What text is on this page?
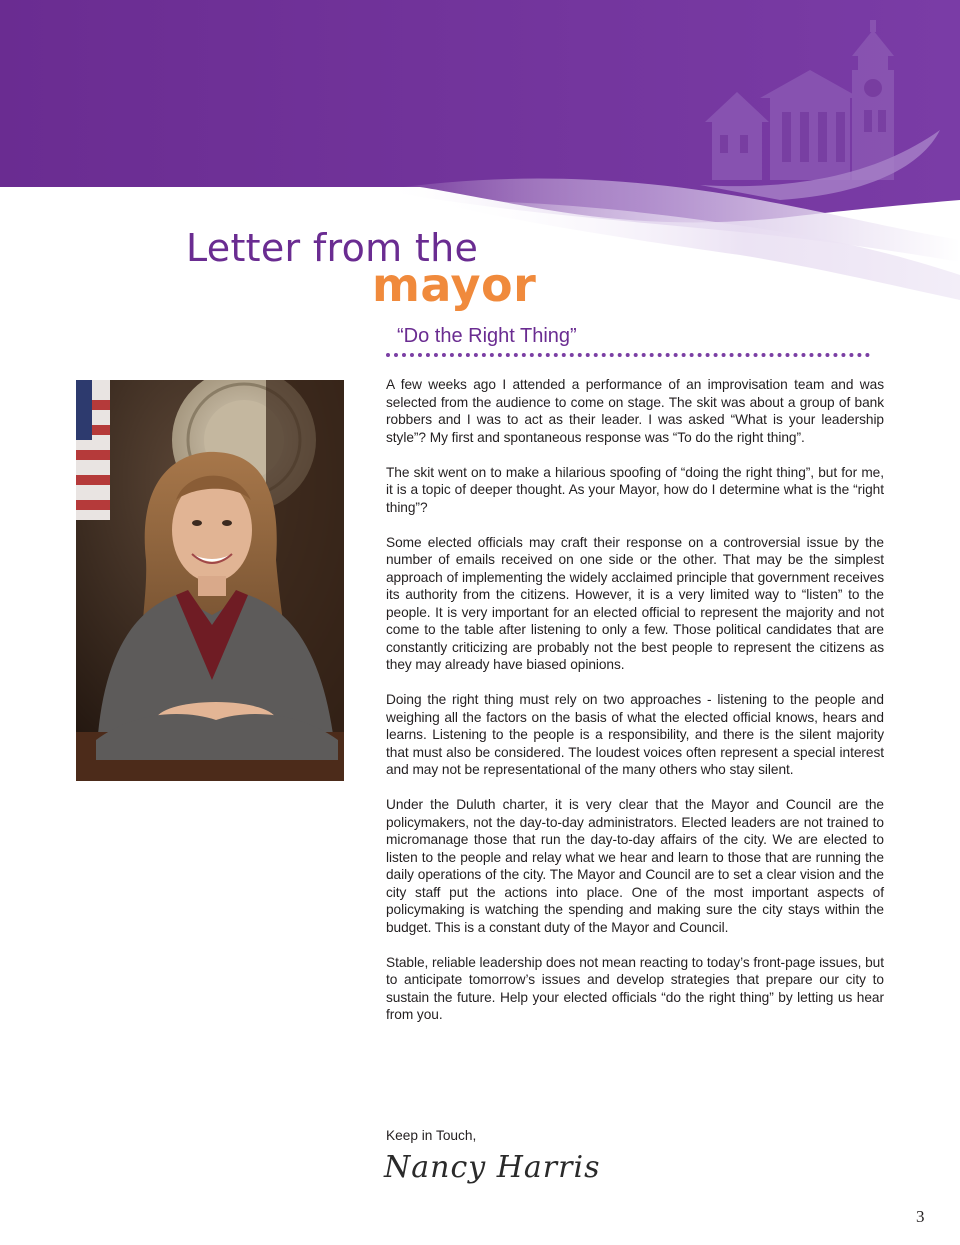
Letter from the
mayor
“Do the Right Thing”

A few weeks ago I attended a performance of an improvisation team and was selected from the audience to come on stage. The skit was about a group of bank robbers and I was to act as their leader. I was asked “What is your leadership style”? My first and spontaneous response was “To do the right thing”.

The skit went on to make a hilarious spoofing of “doing the right thing”, but for me, it is a topic of deeper thought. As your Mayor, how do I determine what is the “right thing”?

Some elected officials may craft their response on a controversial issue by the number of emails received on one side or the other. That may be the simplest approach of implementing the widely acclaimed principle that government receives its authority from the citizens. However, it is a very limited way to “listen” to the people. It is very important for an elected official to represent the majority and not come to the table after listening to only a few. Those political candidates that are constantly criticizing are probably not the best people to represent the citizens as they may already have biased opinions.

Doing the right thing must rely on two approaches - listening to the people and weighing all the factors on the basis of what the elected official knows, hears and learns. Listening to the people is a responsibility, and there is the silent majority that must also be considered. The loudest voices often represent a special interest and may not be representational of the many others who stay silent.

Under the Duluth charter, it is very clear that the Mayor and Council are the policymakers, not the day-to-day administrators. Elected leaders are not trained to micromanage those that run the day-to-day affairs of the city. We are elected to listen to the people and relay what we hear and learn to those that are running the daily operations of the city. The Mayor and Council are to set a clear vision and the city staff put the actions into place. One of the most important aspects of policymaking is watching the spending and making sure the city stays within the budget. This is a constant duty of the Mayor and Council.

Stable, reliable leadership does not mean reacting to today’s front-page issues, but to anticipate tomorrow’s issues and develop strategies that prepare our city to sustain the future. Help your elected officials “do the right thing” by letting us hear from you.

Keep in Touch,
Nancy Harris
3
